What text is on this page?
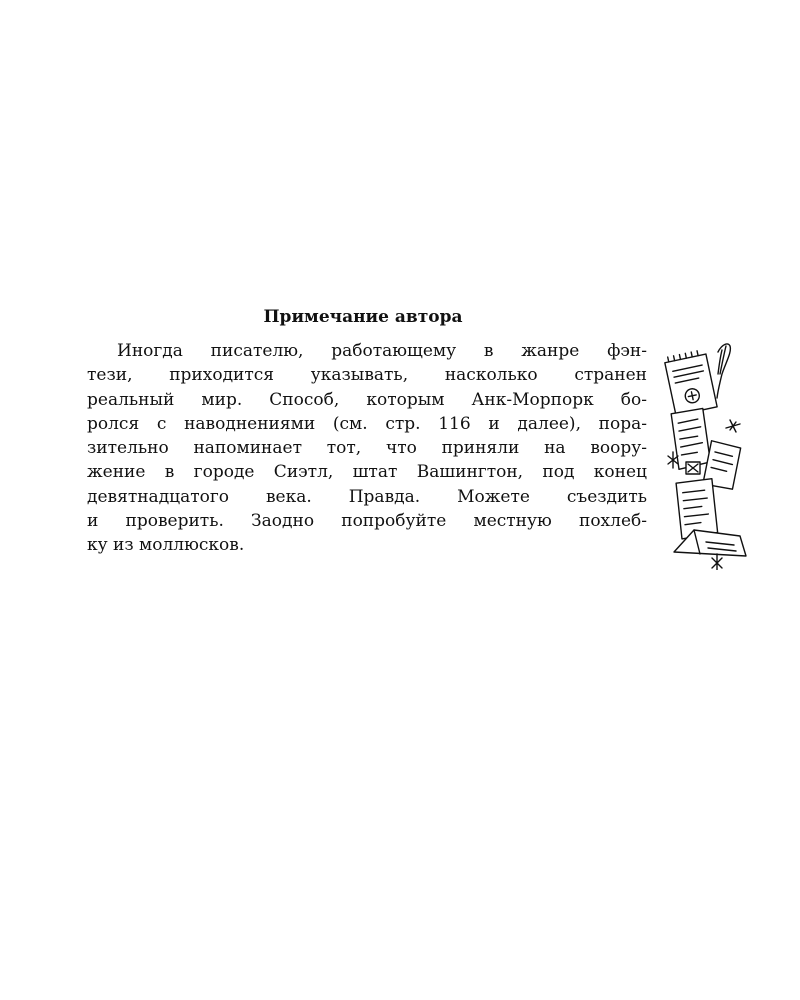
Примечание автора
Иногда писателю, работающему в жанре фэн-
тези, приходится указывать, насколько странен
реальный мир. Способ, которым Анк-Морпорк бо-
ролся с наводнениями (см. стр. 116 и далее), пора-
зительно напоминает тот, что приняли на воору-
жение в городе Сиэтл, штат Вашингтон, под конец
девятнадцатого века. Правда. Можете съездить
и проверить. Заодно попробуйте местную похлеб-
ку из моллюсков.
